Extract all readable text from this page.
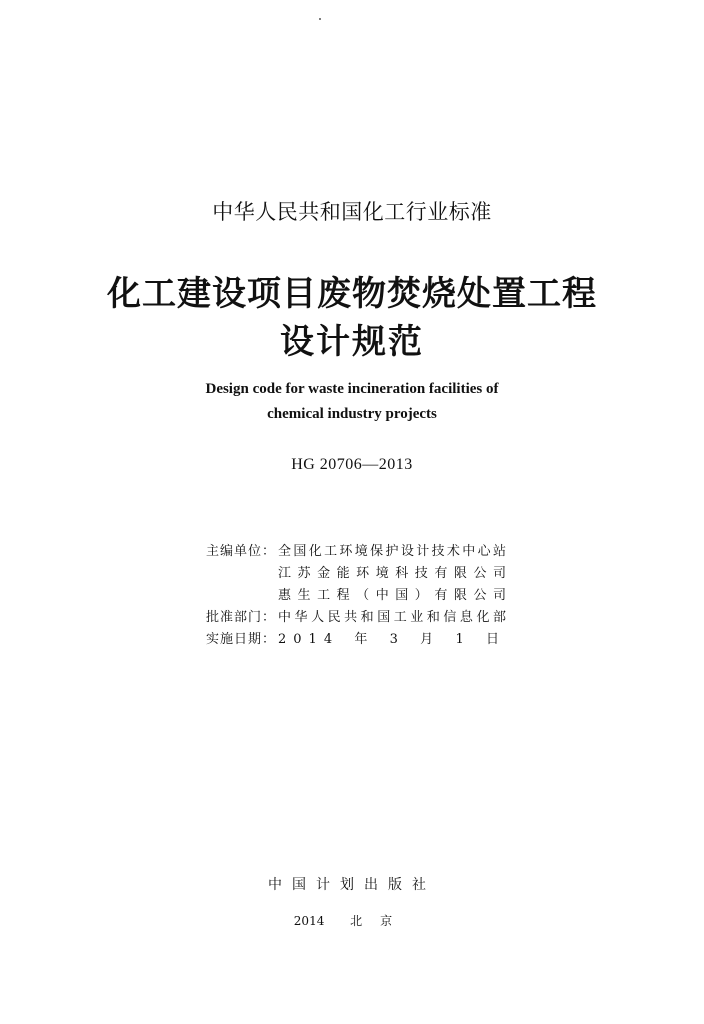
中华人民共和国化工行业标准
化工建设项目废物焚烧处置工程
设计规范
Design code for waste incineration facilities of
chemical industry projects
HG 20706—2013
主编单位： 全国化工环境保护设计技术中心站
江苏金能环境科技有限公司
惠生工程（中国）有限公司
批准部门： 中华人民共和国工业和信息化部
实施日期： 2014年3月1日
中国计划出版社
2014 北京
